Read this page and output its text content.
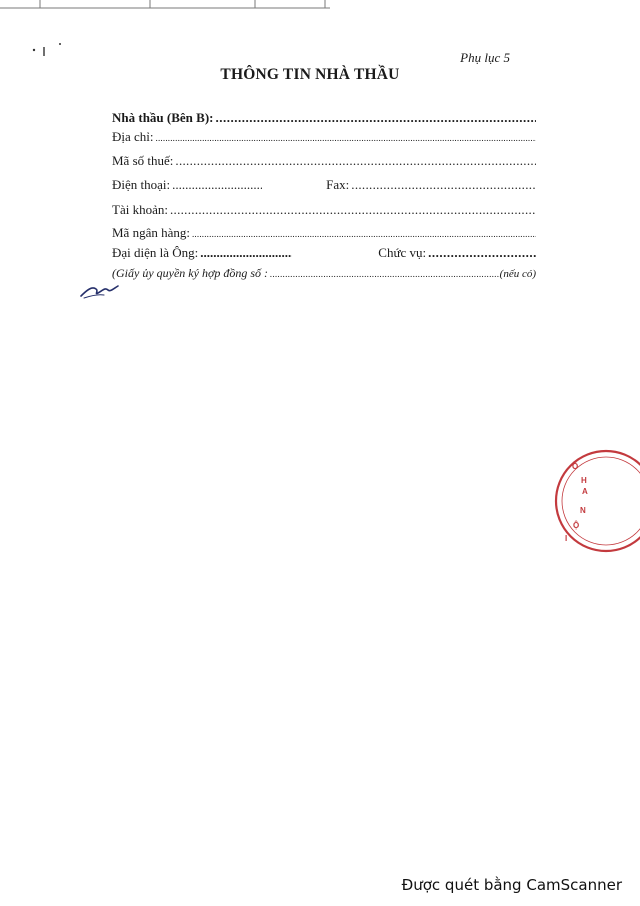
Phụ lục 5
THÔNG TIN NHÀ THẦU
Nhà thầu (Bên B):
.....
Địa chỉ:
.....
Mã số thuế:
.....
Điện thoại: .....	Fax:
.....
Tài khoản:
.....
Mã ngân hàng:
.....
Đại diện là Ông: .....	Chức vụ:
.....
(Giấy ủy quyền ký hợp đồng số : .....	(nếu có)
Ồ
H
A
N
Ộ
I
Được quét bằng CamScanner
